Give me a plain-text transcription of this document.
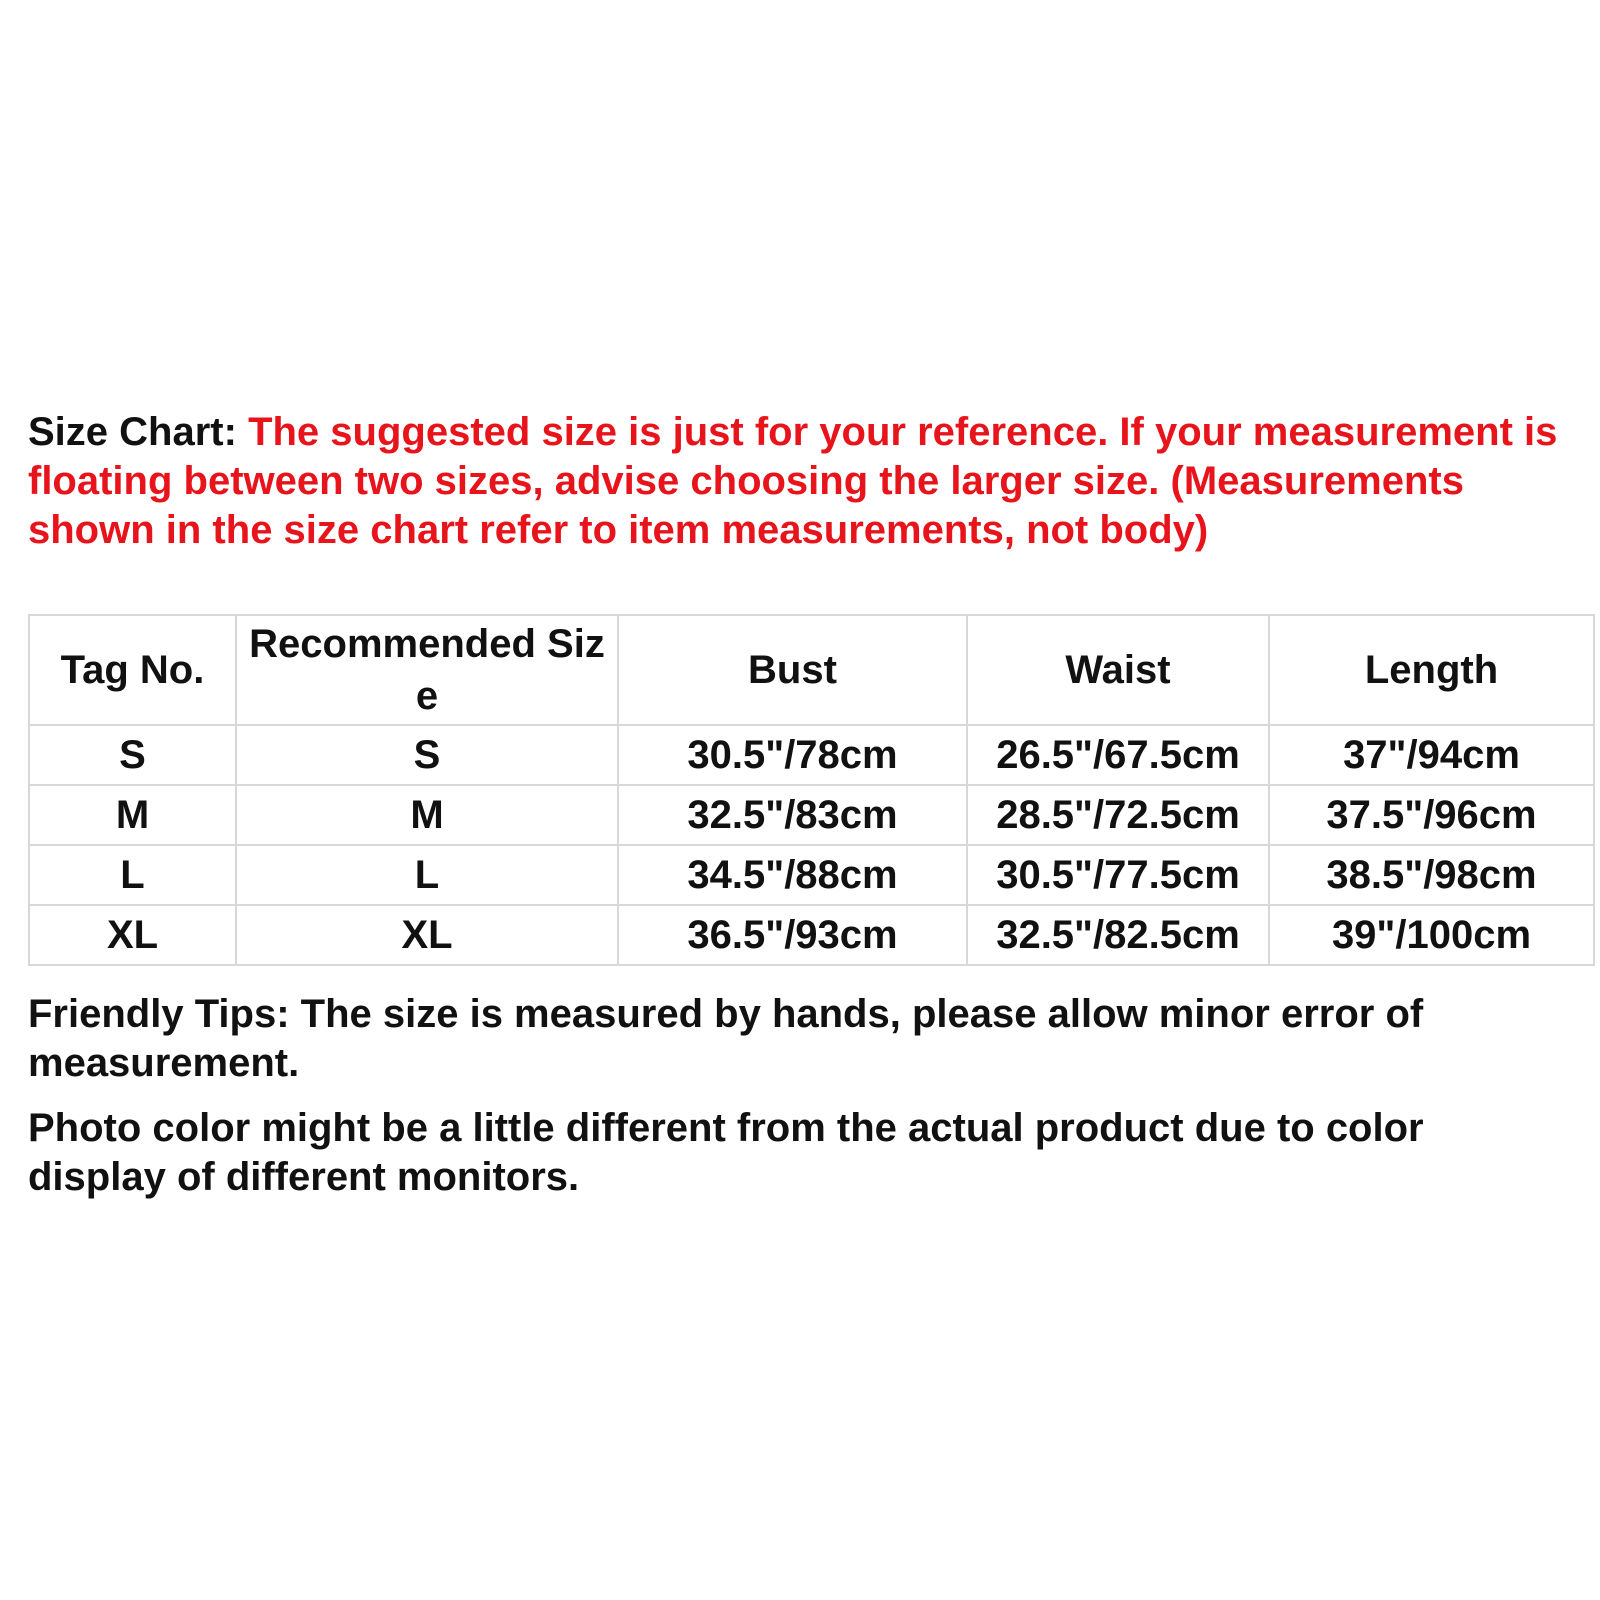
Size Chart: The suggested size is just for your reference. If your measurement is floating between two sizes, advise choosing the larger size. (Measurements shown in the size chart refer to item measurements, not body)

Tag No.	Recommended Size	Bust	Waist	Length
S	S	30.5"/78cm	26.5"/67.5cm	37"/94cm
M	M	32.5"/83cm	28.5"/72.5cm	37.5"/96cm
L	L	34.5"/88cm	30.5"/77.5cm	38.5"/98cm
XL	XL	36.5"/93cm	32.5"/82.5cm	39"/100cm

Friendly Tips: The size is measured by hands, please allow minor error of measurement.

Photo color might be a little different from the actual product due to color display of different monitors.
